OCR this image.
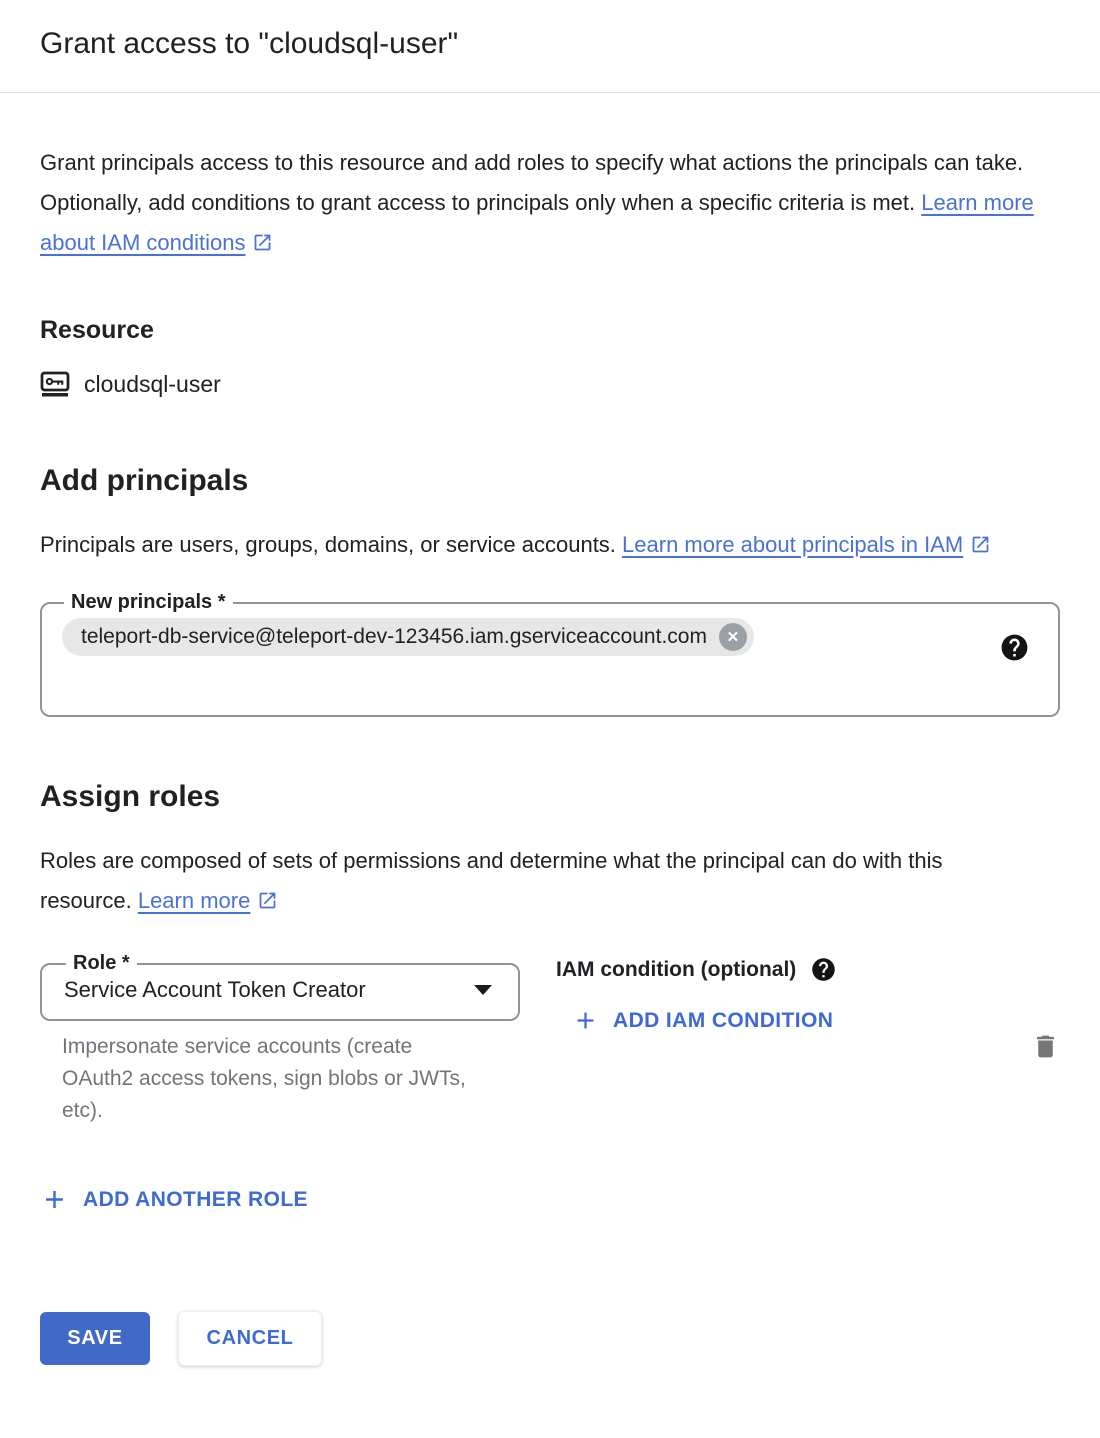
Grant access to "cloudsql-user"

Grant principals access to this resource and add roles to specify what actions the principals can take. Optionally, add conditions to grant access to principals only when a specific criteria is met. Learn more about IAM conditions

Resource
cloudsql-user
Add principals

Principals are users, groups, domains, or service accounts. Learn more about principals in IAM

New principals *
teleport-db-service@teleport-dev-123456.iam.gserviceaccount.com ✕
Assign roles

Roles are composed of sets of permissions and determine what the principal can do with this resource. Learn more

Role *
Service Account Token Creator

Impersonate service accounts (create OAuth2 access tokens, sign blobs or JWTs, etc).

IAM condition (optional)
ADD IAM CONDITION
ADD ANOTHER ROLE
SAVE	CANCEL
